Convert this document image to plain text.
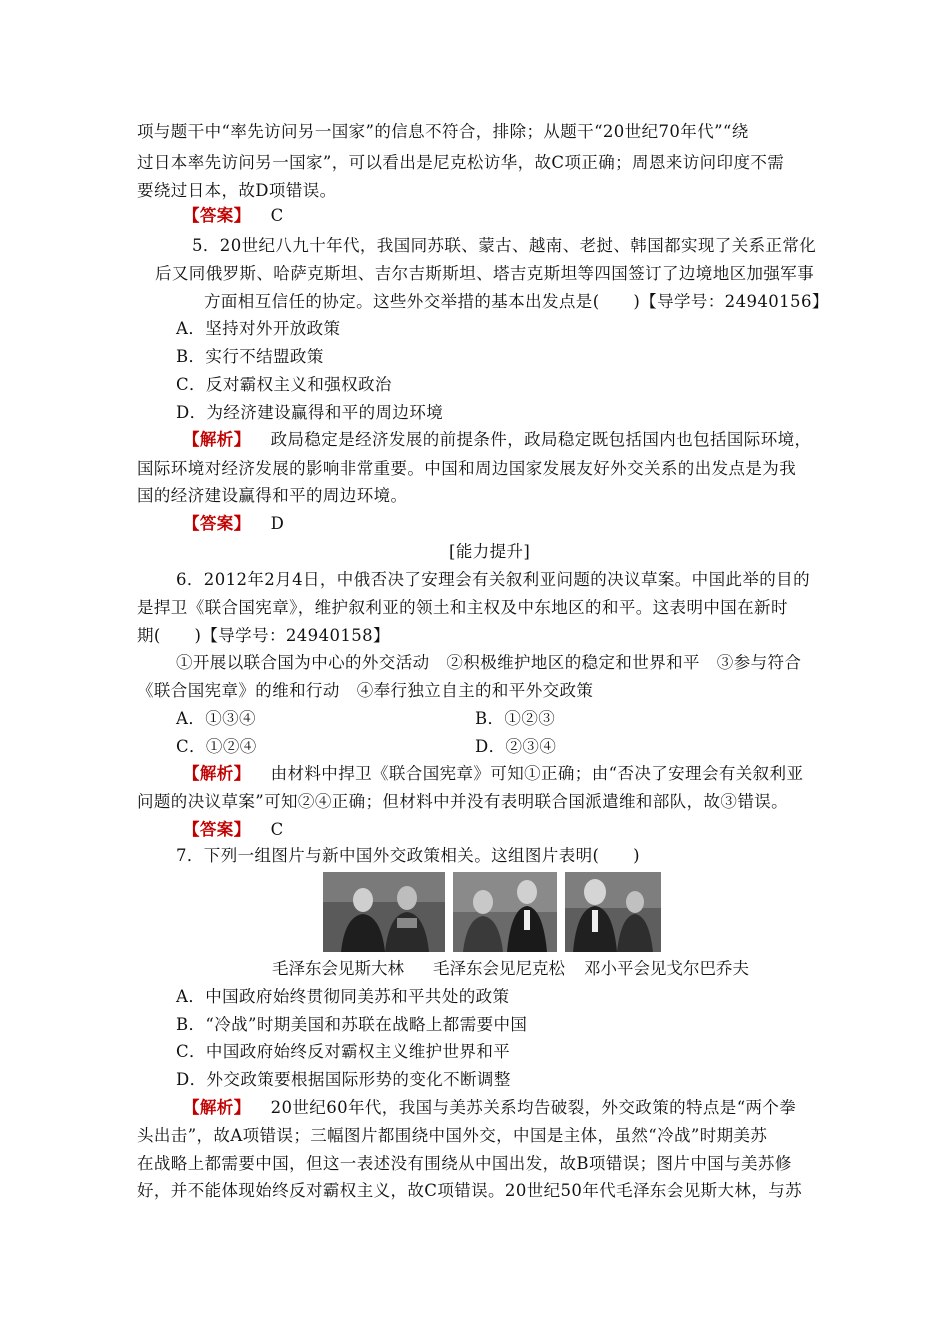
项与题干中“率先访问另一国家”的信息不符合，排除；从题干“20世纪70年代”“绕
过日本率先访问另一国家”，可以看出是尼克松访华，故C项正确；周恩来访问印度不需
要绕过日本，故D项错误。
【答案】 C
5．20世纪八九十年代，我国同苏联、蒙古、越南、老挝、韩国都实现了关系正常化
后又同俄罗斯、哈萨克斯坦、吉尔吉斯斯坦、塔吉克斯坦等四国签订了边境地区加强军事
方面相互信任的协定。这些外交举措的基本出发点是(　　)【导学号：24940156】
A．坚持对外开放政策
B．实行不结盟政策
C．反对霸权主义和强权政治
D．为经济建设赢得和平的周边环境
【解析】 政局稳定是经济发展的前提条件，政局稳定既包括国内也包括国际环境，
国际环境对经济发展的影响非常重要。中国和周边国家发展友好外交关系的出发点是为我
国的经济建设赢得和平的周边环境。
【答案】 D
[能力提升]
6．2012年2月4日，中俄否决了安理会有关叙利亚问题的决议草案。中国此举的目的
是捍卫《联合国宪章》，维护叙利亚的领土和主权及中东地区的和平。这表明中国在新时
期(　　)【导学号：24940158】
①开展以联合国为中心的外交活动　②积极维护地区的稳定和世界和平　③参与符合
《联合国宪章》的维和行动　④奉行独立自主的和平外交政策
A．①③④	B．①②③
C．①②④	D．②③④
【解析】 由材料中捍卫《联合国宪章》可知①正确；由“否决了安理会有关叙利亚
问题的决议草案”可知②④正确；但材料中并没有表明联合国派遣维和部队，故③错误。
【答案】 C
7．下列一组图片与新中国外交政策相关。这组图片表明(　　)
毛泽东会见斯大林 毛泽东会见尼克松 邓小平会见戈尔巴乔夫
A．中国政府始终贯彻同美苏和平共处的政策
B．“冷战”时期美国和苏联在战略上都需要中国
C．中国政府始终反对霸权主义维护世界和平
D．外交政策要根据国际形势的变化不断调整
【解析】 20世纪60年代，我国与美苏关系均告破裂，外交政策的特点是“两个拳
头出击”，故A项错误；三幅图片都围绕中国外交，中国是主体，虽然“冷战”时期美苏
在战略上都需要中国，但这一表述没有围绕从中国出发，故B项错误；图片中国与美苏修
好，并不能体现始终反对霸权主义，故C项错误。20世纪50年代毛泽东会见斯大林，与苏
